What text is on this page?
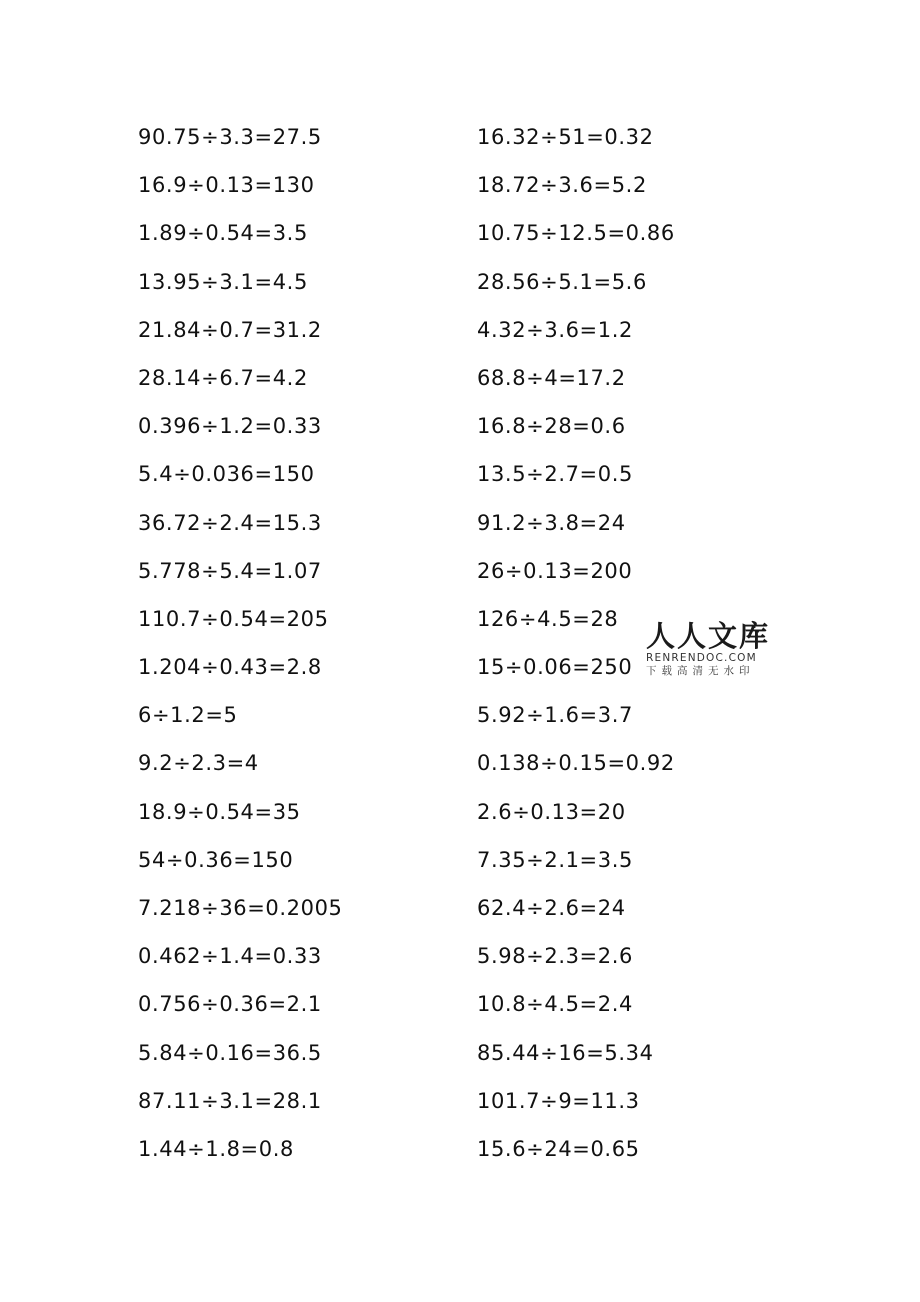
90.75÷3.3=27.5
16.9÷0.13=130
1.89÷0.54=3.5
13.95÷3.1=4.5
21.84÷0.7=31.2
28.14÷6.7=4.2
0.396÷1.2=0.33
5.4÷0.036=150
36.72÷2.4=15.3
5.778÷5.4=1.07
110.7÷0.54=205
1.204÷0.43=2.8
6÷1.2=5
9.2÷2.3=4
18.9÷0.54=35
54÷0.36=150
7.218÷36=0.2005
0.462÷1.4=0.33
0.756÷0.36=2.1
5.84÷0.16=36.5
87.11÷3.1=28.1
1.44÷1.8=0.8
16.32÷51=0.32
18.72÷3.6=5.2
10.75÷12.5=0.86
28.56÷5.1=5.6
4.32÷3.6=1.2
68.8÷4=17.2
16.8÷28=0.6
13.5÷2.7=0.5
91.2÷3.8=24
26÷0.13=200
126÷4.5=28
15÷0.06=250
5.92÷1.6=3.7
0.138÷0.15=0.92
2.6÷0.13=20
7.35÷2.1=3.5
62.4÷2.6=24
5.98÷2.3=2.6
10.8÷4.5=2.4
85.44÷16=5.34
101.7÷9=11.3
15.6÷24=0.65
人人文库
RENRENDOC.COM
下载高清无水印
